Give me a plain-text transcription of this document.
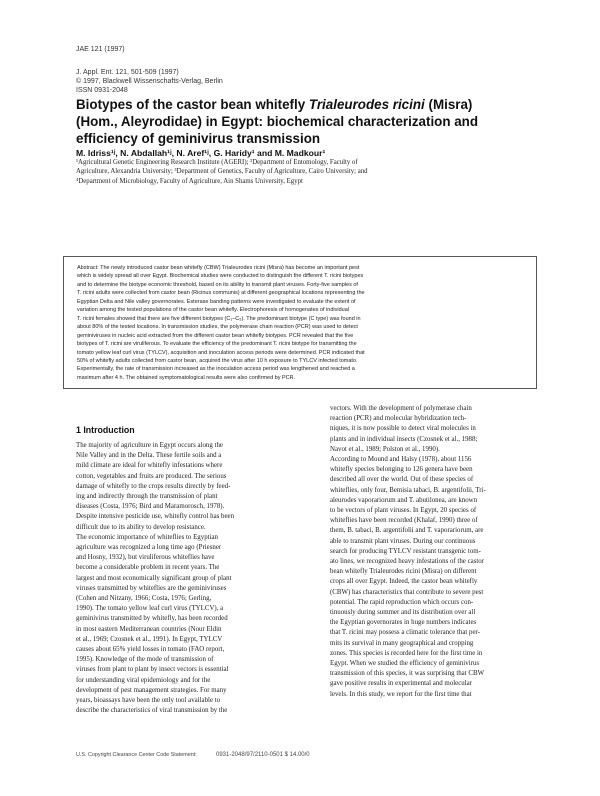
JAE 121 (1997)
J. Appl. Ent. 121, 501-509 (1997)
© 1997, Blackwell Wissenschafts-Verlag, Berlin
ISSN 0931-2048
Biotypes of the castor bean whitefly Trialeurodes ricini (Misra)
(Hom., Aleyrodidae) in Egypt: biochemical characterization and
efficiency of geminivirus transmission
M. Idriss¹ʲ, N. Abdallah¹ʲ, N. Aref¹ʲ, G. Haridy¹ and M. Madkour¹
¹Agricultural Genetic Engineering Research Institute (AGERI); ²Department of Entomology, Faculty of
Agriculture, Alexandria University; ³Department of Genetics, Faculty of Agriculture, Cairo University; and
⁴Department of Microbiology, Faculty of Agriculture, Ain Shams University, Egypt
Abstract: The newly introduced castor bean whitefly (CBW) Trialeurodes ricini (Misra) has become an important pest
which is widely spread all over Egypt. Biochemical studies were conducted to distinguish the different T. ricini biotypes
and to determine the biotype economic threshold, based on its ability to transmit plant viruses. Forty-five samples of
T. ricini adults were collected from castor bean (Ricinus communis) at different geographical locations representing the
Egyptian Delta and Nile valley governorates. Esterase banding patterns were investigated to evaluate the extent of
variation among the tested populations of the castor bean whitefly. Electrophoresis of homogenates of individual
T. ricini females showed that there are five different biotypes (C₁–C₅). The predominant biotype (C type) was found in
about 80% of the tested locations. In transmission studies, the polymerase chain reaction (PCR) was used to detect
geminiviruses in nucleic acid extracted from the different castor bean whitefly biotypes. PCR revealed that the five
biotypes of T. ricini are viruliferous. To evaluate the efficiency of the predominant T. ricini biotype for transmitting the
tomato yellow leaf curl virus (TYLCV), acquisition and inoculation access periods were determined. PCR indicated that
50% of whitefly adults collected from castor bean, acquired the virus after 10 h exposure to TYLCV infected tomato.
Experimentally, the rate of transmission increased as the inoculation access period was lengthened and reached a
maximum after 4 h. The obtained symptomatological results were also confirmed by PCR.
1 Introduction
The majority of agriculture in Egypt occurs along the
Nile Valley and in the Delta. These fertile soils and a
mild climate are ideal for whitefly infestations where
cotton, vegetables and fruits are produced. The serious
damage of whitefly to the crops results directly by feed-
ing and indirectly through the transmission of plant
diseases (Costa, 1976; Bird and Maramorosch, 1978).
Despite intensive pesticide use, whitefly control has been
difficult due to its ability to develop resistance.
The economic importance of whiteflies to Egyptian
agriculture was recognized a long time ago (Priesner
and Hosny, 1932), but viruliferous whiteflies have
become a considerable problem in recent years. The
largest and most economically significant group of plant
viruses transmitted by whiteflies are the geminiviruses
(Cohen and Nitzany, 1966; Costa, 1976; Gerling,
1990). The tomato yellow leaf curl virus (TYLCV), a
geminivirus transmitted by whitefly, has been recorded
in most eastern Mediterranean countries (Nour Eldin
et al., 1969; Czosnek et al., 1991). In Egypt, TYLCV
causes about 65% yield losses in tomato (FAO report,
1995). Knowledge of the mode of transmission of
viruses from plant to plant by insect vectors is essential
for understanding viral epidemiology and for the
development of pest management strategies. For many
years, bioassays have been the only tool available to
describe the characteristics of viral transmission by the
vectors. With the development of polymerase chain
reaction (PCR) and molecular hybridization tech-
niques, it is now possible to detect viral molecules in
plants and in individual insects (Czosnek et al., 1988;
Navot et al., 1989; Polston et al., 1990).
According to Mound and Halsy (1978), about 1156
whitefly species belonging to 126 genera have been
described all over the world. Out of these species of
whiteflies, only four, Bemisia tabaci, B. argentifolii, Tri-
aleurodes vaporariorum and T. abutilonea, are known
to be vectors of plant viruses. In Egypt, 20 species of
whiteflies have been recorded (Khalaf, 1990) three of
them, B. tabaci, B. argentifolii and T. vaporariorum, are
able to transmit plant viruses. During our continuous
search for producing TYLCV resistant transgenic tom-
ato lines, we recognized heavy infestations of the castor
bean whitefly Trialeurodes ricini (Misra) on different
crops all over Egypt. Indeed, the castor bean whitefly
(CBW) has characteristics that contribute to severe pest
potential. The rapid reproduction which occurs con-
tinuously during summer and its distribution over all
the Egyptian governorates in huge numbers indicates
that T. ricini may possess a climatic tolerance that per-
mits its survival in many geographical and cropping
zones. This species is recorded here for the first time in
Egypt. When we studied the efficiency of geminivirus
transmission of this species, it was surprising that CBW
gave positive results in experimental and molecular
levels. In this study, we report for the first time that
U.S. Copyright Clearance Center Code Statement:	0931-2048/97/2110-0501 $ 14.00/0
